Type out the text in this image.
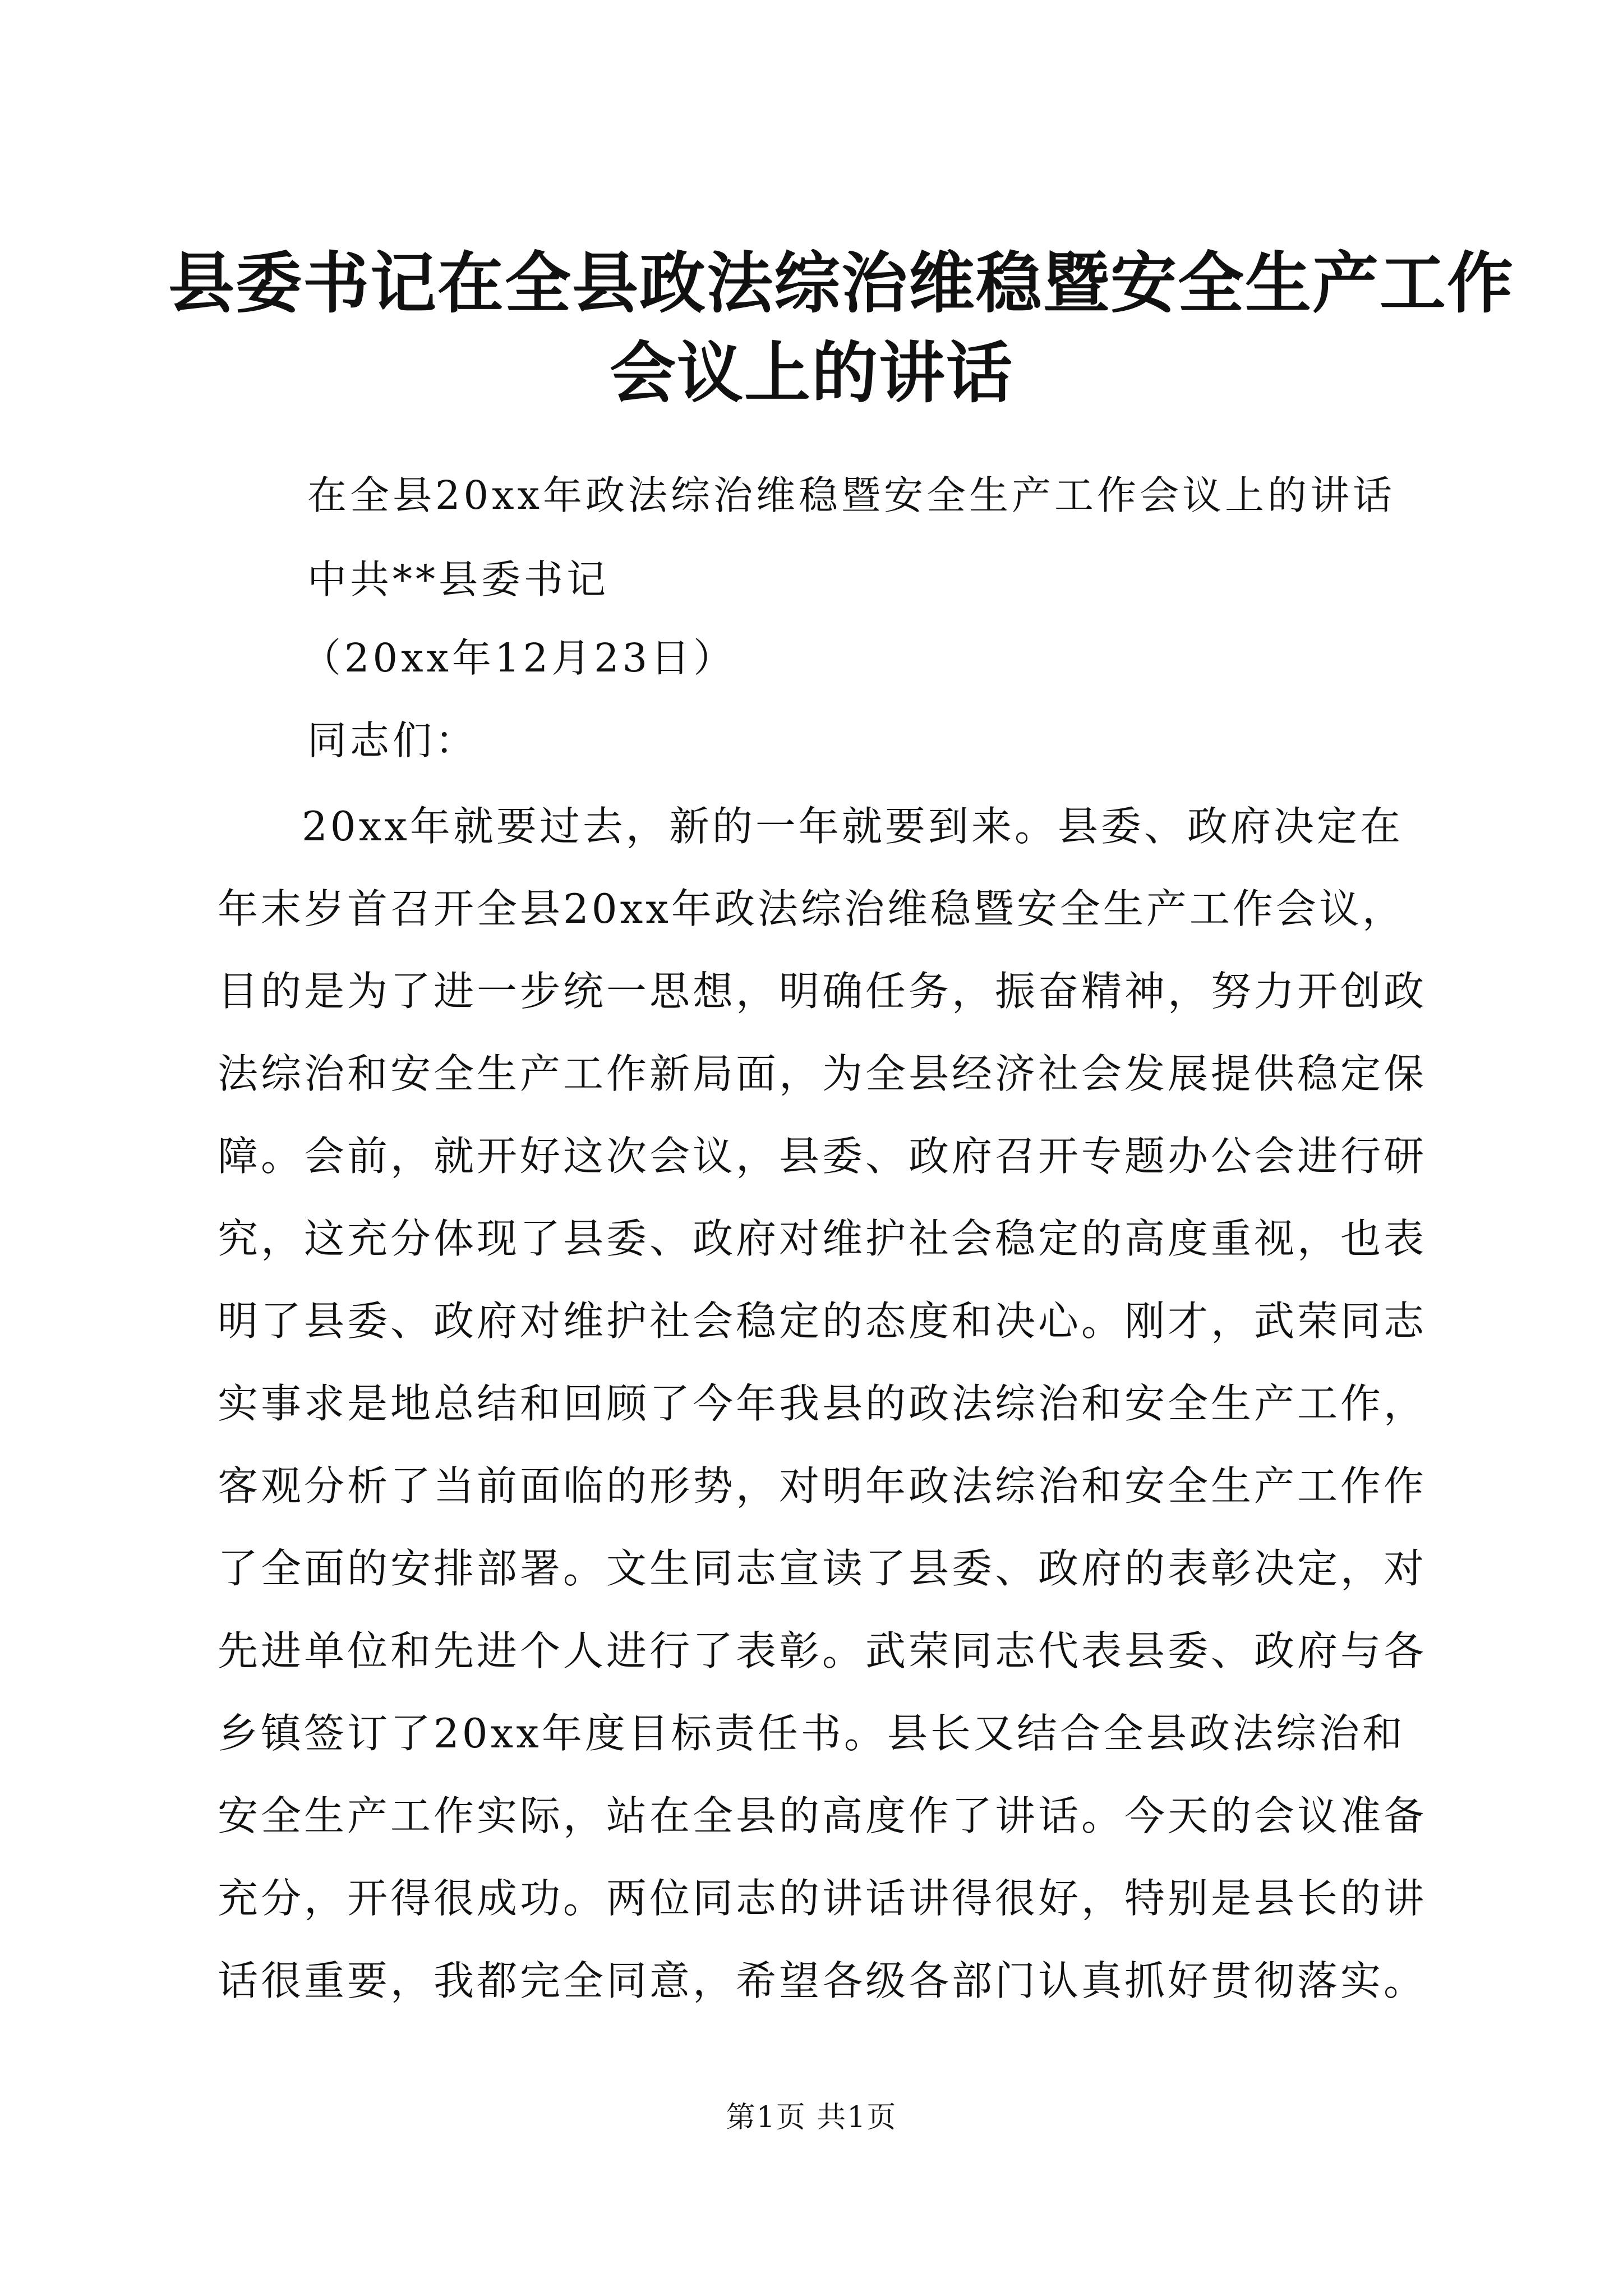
县委书记在全县政法综治维稳暨安全生产工作
会议上的讲话
在全县20xx年政法综治维稳暨安全生产工作会议上的讲话
中共**县委书记
（20xx年12月23日）
同志们：
20xx年就要过去，新的一年就要到来。县委、政府决定在
年末岁首召开全县20xx年政法综治维稳暨安全生产工作会议，
目的是为了进一步统一思想，明确任务，振奋精神，努力开创政
法综治和安全生产工作新局面，为全县经济社会发展提供稳定保
障。会前，就开好这次会议，县委、政府召开专题办公会进行研
究，这充分体现了县委、政府对维护社会稳定的高度重视，也表
明了县委、政府对维护社会稳定的态度和决心。刚才，武荣同志
实事求是地总结和回顾了今年我县的政法综治和安全生产工作，
客观分析了当前面临的形势，对明年政法综治和安全生产工作作
了全面的安排部署。文生同志宣读了县委、政府的表彰决定，对
先进单位和先进个人进行了表彰。武荣同志代表县委、政府与各
乡镇签订了20xx年度目标责任书。县长又结合全县政法综治和
安全生产工作实际，站在全县的高度作了讲话。今天的会议准备
充分，开得很成功。两位同志的讲话讲得很好，特别是县长的讲
话很重要，我都完全同意，希望各级各部门认真抓好贯彻落实。
第1页 共1页
